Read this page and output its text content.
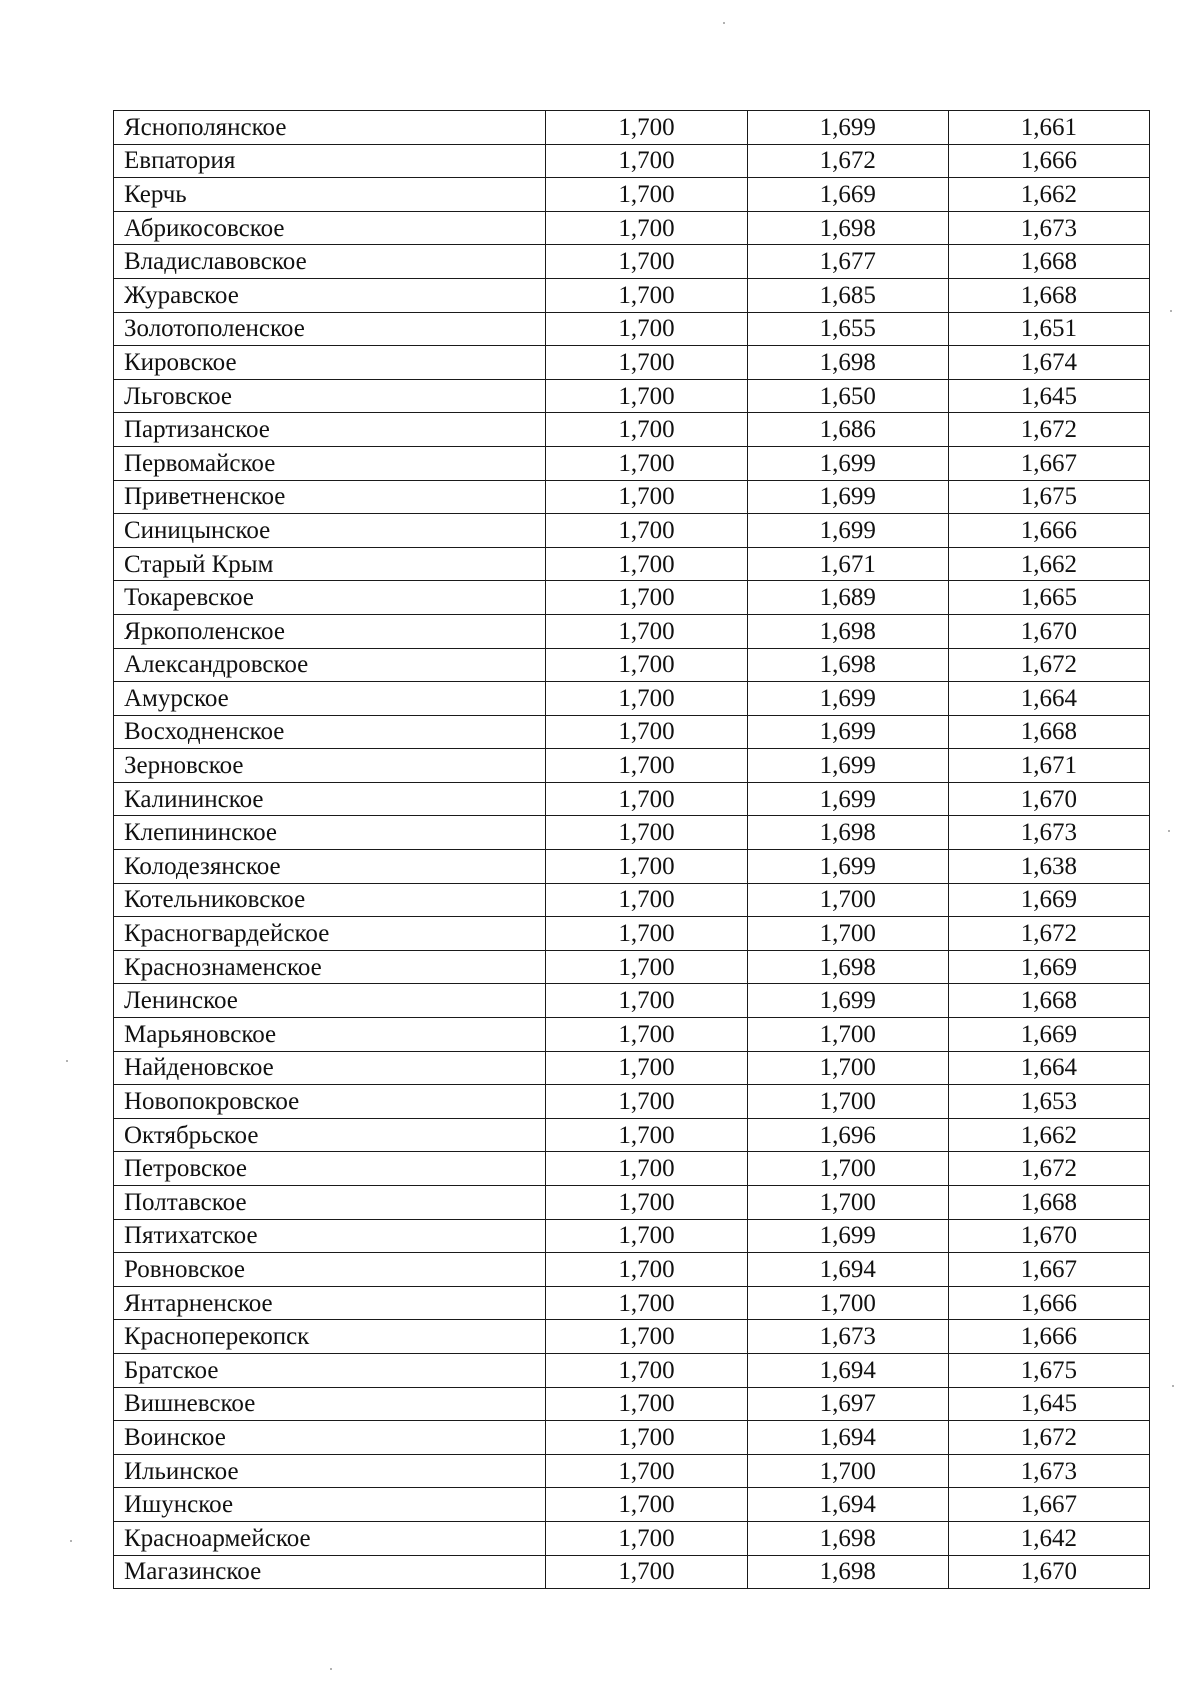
Яснополянское	1,700	1,699	1,661
Евпатория	1,700	1,672	1,666
Керчь	1,700	1,669	1,662
Абрикосовское	1,700	1,698	1,673
Владиславовское	1,700	1,677	1,668
Журавское	1,700	1,685	1,668
Золотополенское	1,700	1,655	1,651
Кировское	1,700	1,698	1,674
Льговское	1,700	1,650	1,645
Партизанское	1,700	1,686	1,672
Первомайское	1,700	1,699	1,667
Приветненское	1,700	1,699	1,675
Синицынское	1,700	1,699	1,666
Старый Крым	1,700	1,671	1,662
Токаревское	1,700	1,689	1,665
Яркополенское	1,700	1,698	1,670
Александровское	1,700	1,698	1,672
Амурское	1,700	1,699	1,664
Восходненское	1,700	1,699	1,668
Зерновское	1,700	1,699	1,671
Калининское	1,700	1,699	1,670
Клепининское	1,700	1,698	1,673
Колодезянское	1,700	1,699	1,638
Котельниковское	1,700	1,700	1,669
Красногвардейское	1,700	1,700	1,672
Краснознаменское	1,700	1,698	1,669
Ленинское	1,700	1,699	1,668
Марьяновское	1,700	1,700	1,669
Найденовское	1,700	1,700	1,664
Новопокровское	1,700	1,700	1,653
Октябрьское	1,700	1,696	1,662
Петровское	1,700	1,700	1,672
Полтавское	1,700	1,700	1,668
Пятихатское	1,700	1,699	1,670
Ровновское	1,700	1,694	1,667
Янтарненское	1,700	1,700	1,666
Красноперекопск	1,700	1,673	1,666
Братское	1,700	1,694	1,675
Вишневское	1,700	1,697	1,645
Воинское	1,700	1,694	1,672
Ильинское	1,700	1,700	1,673
Ишунское	1,700	1,694	1,667
Красноармейское	1,700	1,698	1,642
Магазинское	1,700	1,698	1,670
